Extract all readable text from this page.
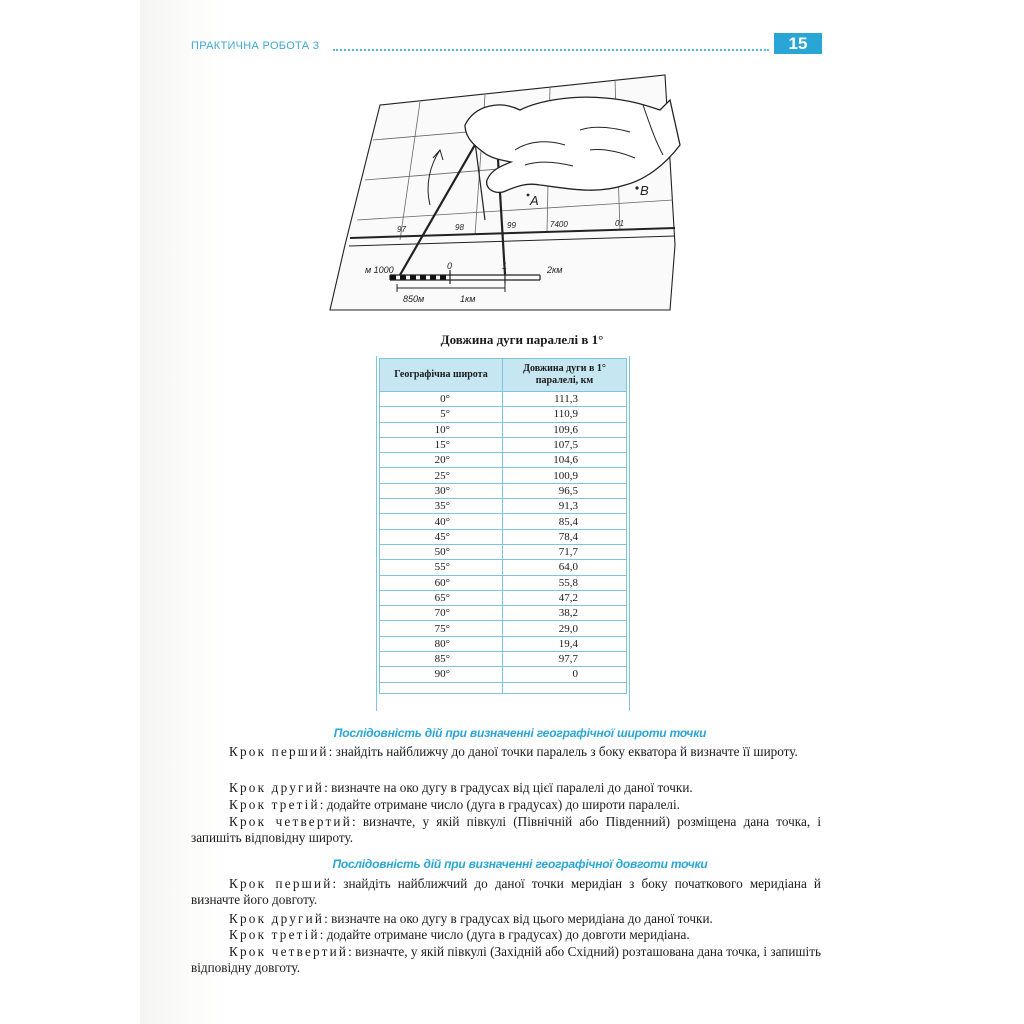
ПРАКТИЧНА РОБОТА 3	15
97	98	99	7400	01
A
B
м 1000	0	1	2км
850м	1км
Довжина дуги паралелі в 1°
Географічна широта	Довжина дуги в 1° паралелі, км
0°	111,3
5°	110,9
10°	109,6
15°	107,5
20°	104,6
25°	100,9
30°	96,5
35°	91,3
40°	85,4
45°	78,4
50°	71,7
55°	64,0
60°	55,8
65°	47,2
70°	38,2
75°	29,0
80°	19,4
85°	97,7
90°	0

Послідовність дій при визначенні географічної широти точки
Крок перший: знайдіть найближчу до даної точки паралель з боку екватора й визначте її широту.
Крок другий: визначте на око дугу в градусах від цієї паралелі до даної точки.
Крок третій: додайте отримане число (дуга в градусах) до широти паралелі.
Крок четвертий: визначте, у якій півкулі (Північній або Південний) розміщена дана точка, і запишіть відповідну широту.
Послідовність дій при визначенні географічної довготи точки
Крок перший: знайдіть найближчий до даної точки меридіан з боку початкового меридіана й визначте його довготу.
Крок другий: визначте на око дугу в градусах від цього меридіана до даної точки.
Крок третій: додайте отримане число (дуга в градусах) до довготи меридіана.
Крок четвертий: визначте, у якій півкулі (Західній або Східний) розташована дана точка, і запишіть відповідну довготу.
